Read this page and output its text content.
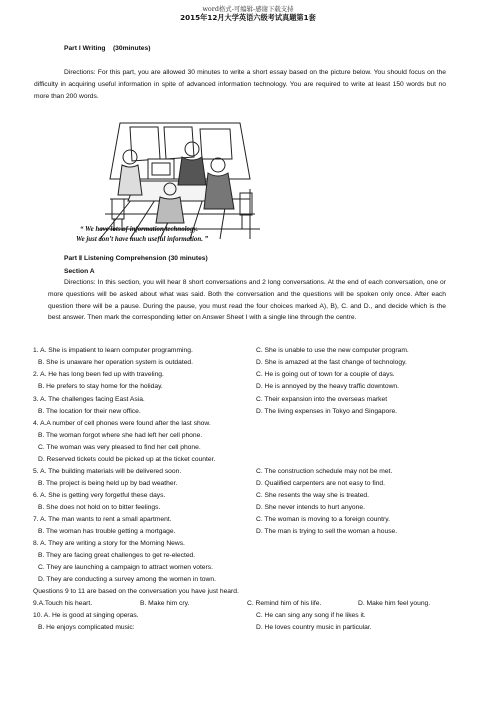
word格式-可编辑-感谢下载支持
2015年12月大学英语六级考试真题第1套
Part I Writing (30minutes)
Directions: For this part, you are allowed 30 minutes to write a short essay based on the picture below. You should focus on the difficulty in acquiring useful information in spite of advanced information technology. You are required to write at least 150 words but no more than 200 words.
“ We have lots of information technology.
We just don’t have much useful information. ”
Part Ⅱ Listening Comprehension (30 minutes)
Section A
Directions: In this section, you will hear 8 short conversations and 2 long conversations. At the end of each conversation, one or more questions will be asked about what was said. Both the conversation and the questions will be spoken only once. After each question there will be a pause. During the pause, you must read the four choices marked A), B), C. and D., and decide which is the best answer. Then mark the corresponding letter on Answer Sheet I with a single line through the centre.
1. A. She is impatient to learn computer programming.	C. She is unable to use the new computer program.
B. She is unaware her operation system is outdated.	D. She is amazed at the fast change of technology.
2. A. He has long been fed up with traveling.	C. He is going out of town for a couple of days.
B. He prefers to stay home for the holiday.	D. He is annoyed by the heavy traffic downtown.
3. A. The challenges facing East Asia.	C. Their expansion into the overseas market
B. The location for their new office.	D. The living expenses in Tokyo and Singapore.
4. A.A number of cell phones were found after the last show.
B. The woman forgot where she had left her cell phone.
C. The woman was very pleased to find her cell phone.
D. Reserved tickets could be picked up at the ticket counter.
5. A. The building materials will be delivered soon.	C. The construction schedule may not be met.
B. The project is being held up by bad weather.	D. Qualified carpenters are not easy to find.
6. A. She is getting very forgetful these days.	C. She resents the way she is treated.
B. She does not hold on to bitter feelings.	D. She never intends to hurt anyone.
7. A. The man wants to rent a small apartment.	C. The woman is moving to a foreign country.
B. The woman has trouble getting a mortgage.	D. The man is trying to sell the woman a house.
8. A. They are writing a story for the Morning News.
B. They are facing great challenges to get re-elected.
C. They are launching a campaign to attract women voters.
D. They are conducting a survey among the women in town.
Questions 9 to 11 are based on the conversation you have just heard.
9.A.Touch his heart.	B. Make him cry.	C. Remind him of his life.	D. Make him feel young.
10. A. He is good at singing operas.	C. He can sing any song if he likes it.
B. He enjoys complicated music:	D. He loves country music in particular.
